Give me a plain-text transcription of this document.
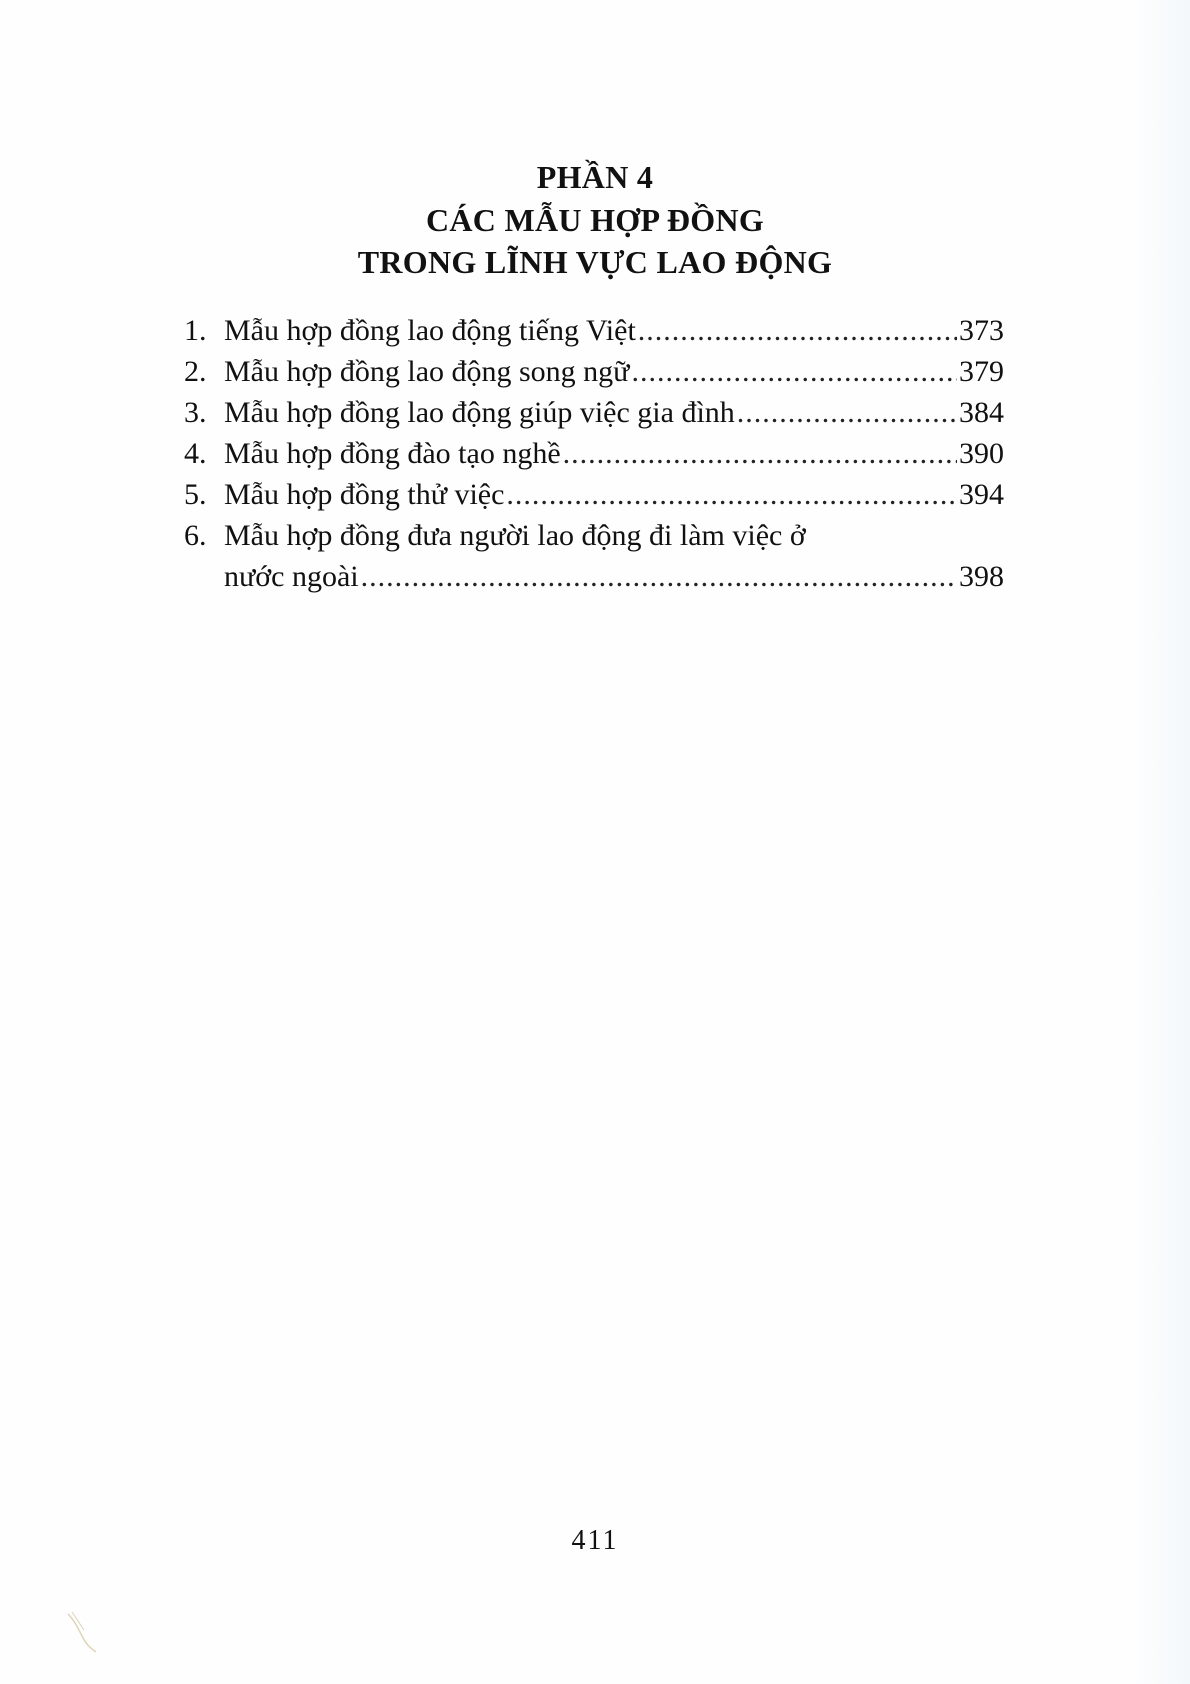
PHẦN 4
CÁC MẪU HỢP ĐỒNG
TRONG LĨNH VỰC LAO ĐỘNG
1. Mẫu hợp đồng lao động tiếng Việt .....	373
2. Mẫu hợp đồng lao động song ngữ .....	379
3. Mẫu hợp đồng lao động giúp việc gia đình .....	384
4. Mẫu hợp đồng đào tạo nghề .....	390
5. Mẫu hợp đồng thử việc .....	394
6. Mẫu hợp đồng đưa người lao động đi làm việc ở
nước ngoài .....	398
411
